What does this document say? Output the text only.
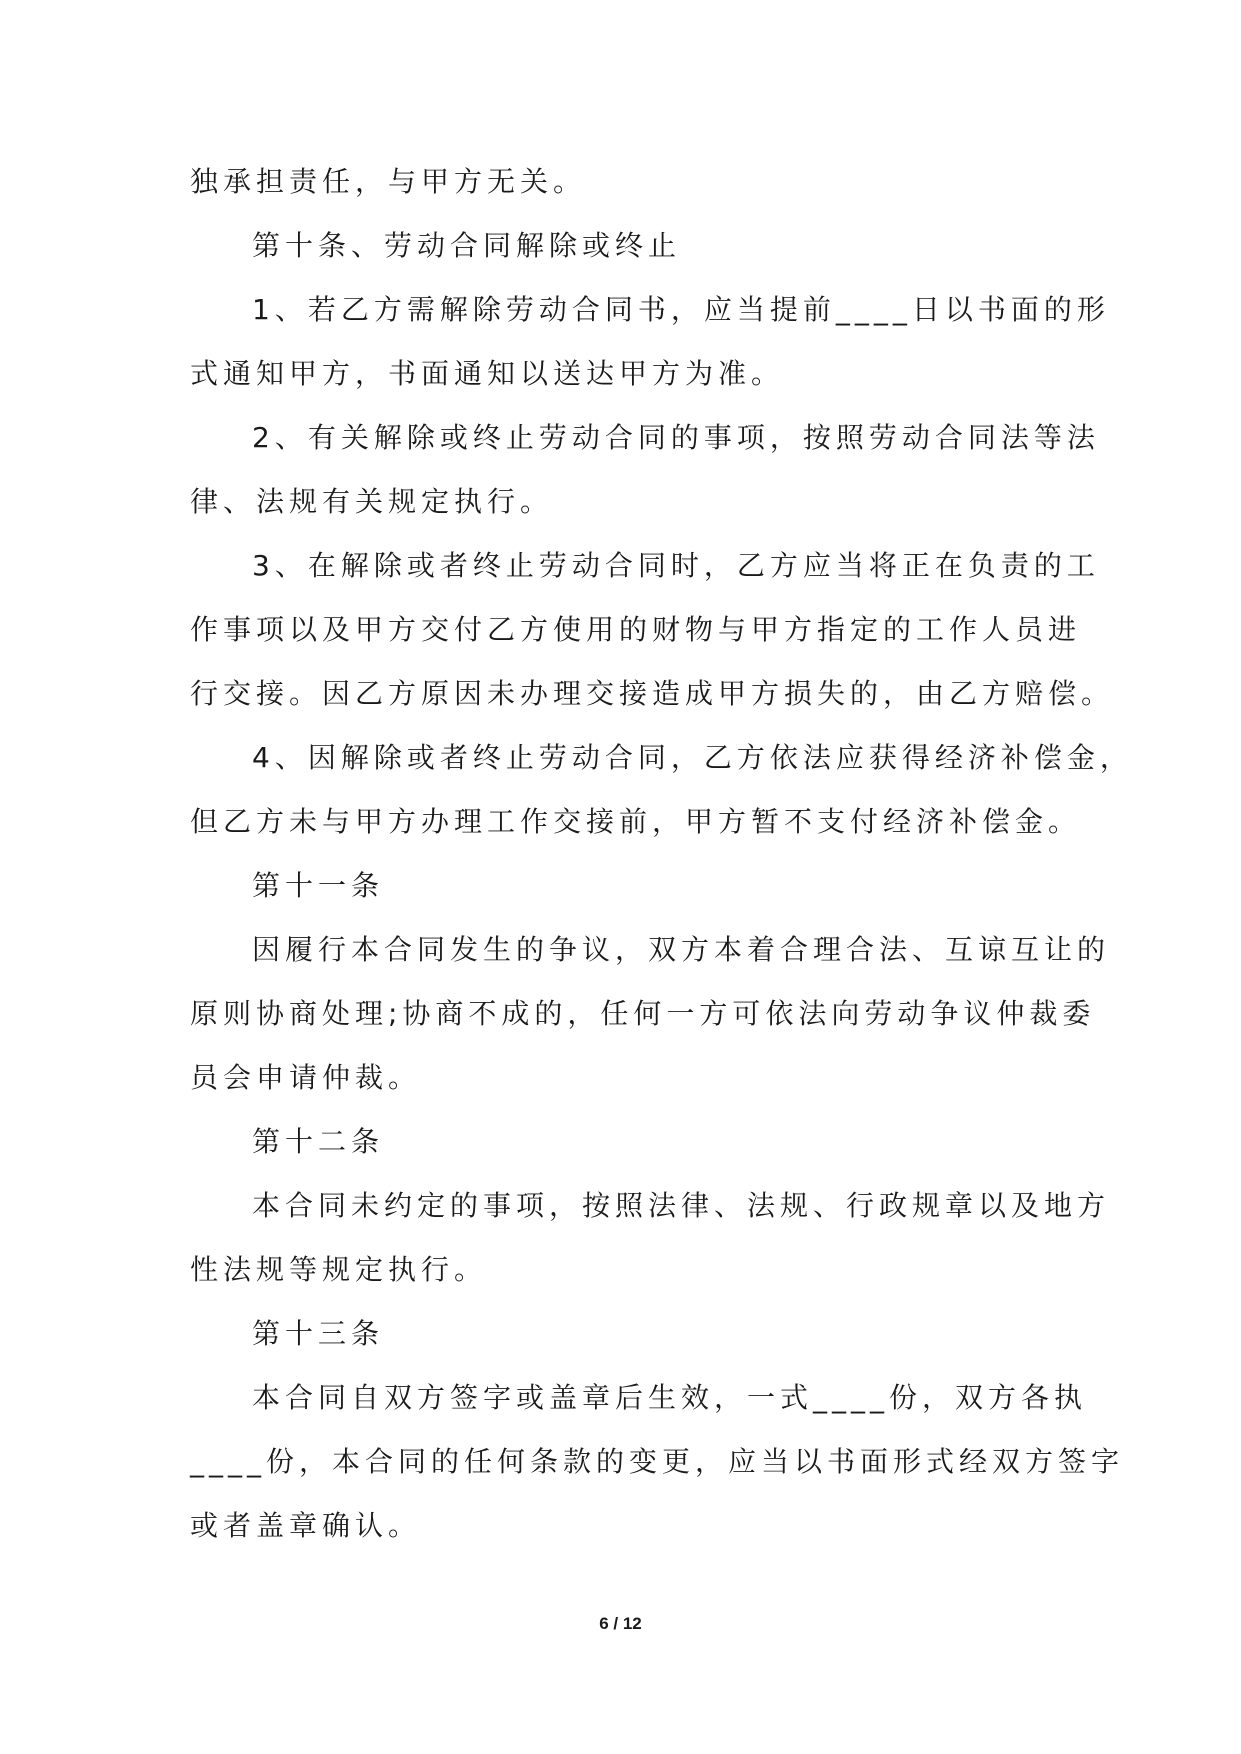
独承担责任，与甲方无关。
第十条、劳动合同解除或终止
1、若乙方需解除劳动合同书，应当提前____日以书面的形
式通知甲方，书面通知以送达甲方为准。
2、有关解除或终止劳动合同的事项，按照劳动合同法等法
律、法规有关规定执行。
3、在解除或者终止劳动合同时，乙方应当将正在负责的工
作事项以及甲方交付乙方使用的财物与甲方指定的工作人员进
行交接。因乙方原因未办理交接造成甲方损失的，由乙方赔偿。
4、因解除或者终止劳动合同，乙方依法应获得经济补偿金，
但乙方未与甲方办理工作交接前，甲方暂不支付经济补偿金。
第十一条
因履行本合同发生的争议，双方本着合理合法、互谅互让的
原则协商处理;协商不成的，任何一方可依法向劳动争议仲裁委
员会申请仲裁。
第十二条
本合同未约定的事项，按照法律、法规、行政规章以及地方
性法规等规定执行。
第十三条
本合同自双方签字或盖章后生效，一式____份，双方各执
____份，本合同的任何条款的变更，应当以书面形式经双方签字
或者盖章确认。
6 / 12
